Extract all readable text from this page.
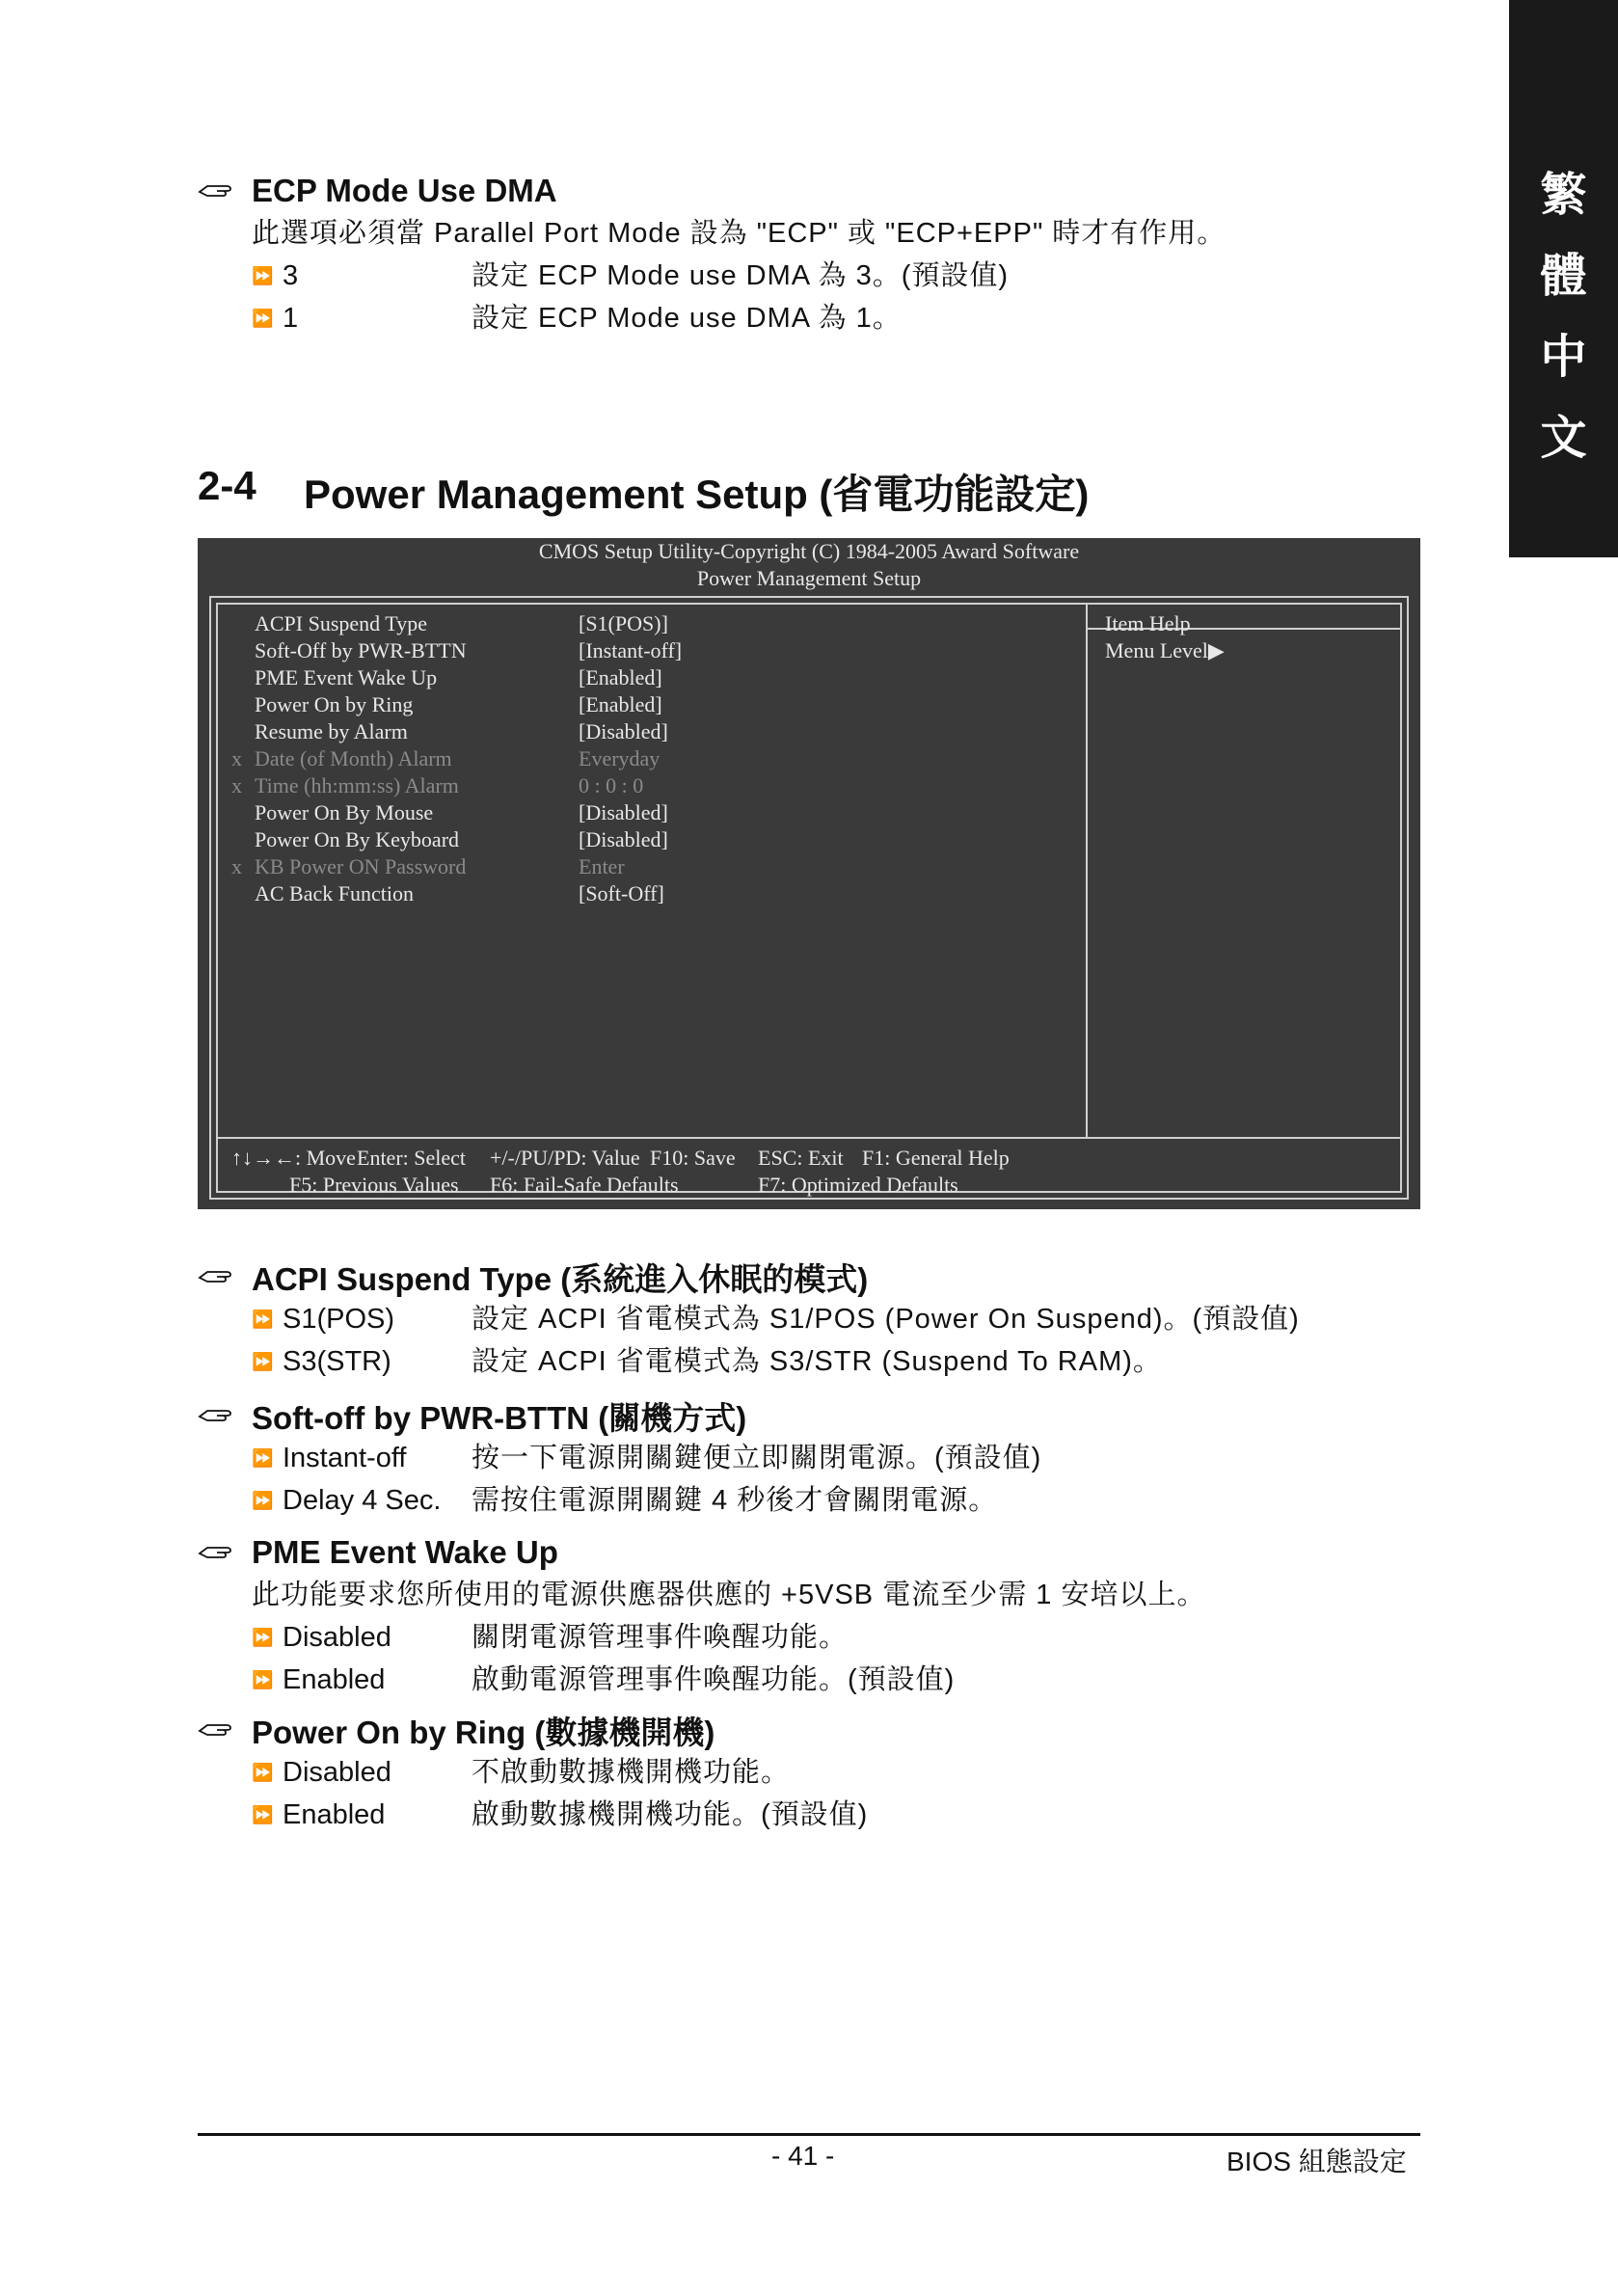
繁
體
中
文
ECP Mode Use DMA
此選項必須當 Parallel Port Mode 設為 "ECP" 或 "ECP+EPP" 時才有作用。
⏩ 3	設定 ECP Mode use DMA 為 3。(預設值)
⏩ 1	設定 ECP Mode use DMA 為 1。
2-4	Power Management Setup (省電功能設定)
CMOS Setup Utility-Copyright (C) 1984-2005 Award Software
Power Management Setup
ACPI Suspend Type	[S1(POS)]
Soft-Off by PWR-BTTN	[Instant-off]
PME Event Wake Up	[Enabled]
Power On by Ring	[Enabled]
Resume by Alarm	[Disabled]
x Date (of Month) Alarm	Everyday
x Time (hh:mm:ss) Alarm	0 : 0 : 0
Power On By Mouse	[Disabled]
Power On By Keyboard	[Disabled]
x KB Power ON Password	Enter
AC Back Function	[Soft-Off]
Item Help
Menu Level▶
↑↓→←: Move Enter: Select +/-/PU/PD: Value F10: Save ESC: Exit F1: General Help
F5: Previous Values F6: Fail-Safe Defaults	F7: Optimized Defaults
ACPI Suspend Type (系統進入休眠的模式)
⏩ S1(POS)	設定 ACPI 省電模式為 S1/POS (Power On Suspend)。(預設值)
⏩ S3(STR)	設定 ACPI 省電模式為 S3/STR (Suspend To RAM)。
Soft-off by PWR-BTTN (關機方式)
⏩ Instant-off	按一下電源開關鍵便立即關閉電源。(預設值)
⏩ Delay 4 Sec.	需按住電源開關鍵 4 秒後才會關閉電源。
PME Event Wake Up
此功能要求您所使用的電源供應器供應的 +5VSB 電流至少需 1 安培以上。
⏩ Disabled	關閉電源管理事件喚醒功能。
⏩ Enabled	啟動電源管理事件喚醒功能。(預設值)
Power On by Ring (數據機開機)
⏩ Disabled	不啟動數據機開機功能。
⏩ Enabled	啟動數據機開機功能。(預設值)
- 41 -	BIOS 組態設定
